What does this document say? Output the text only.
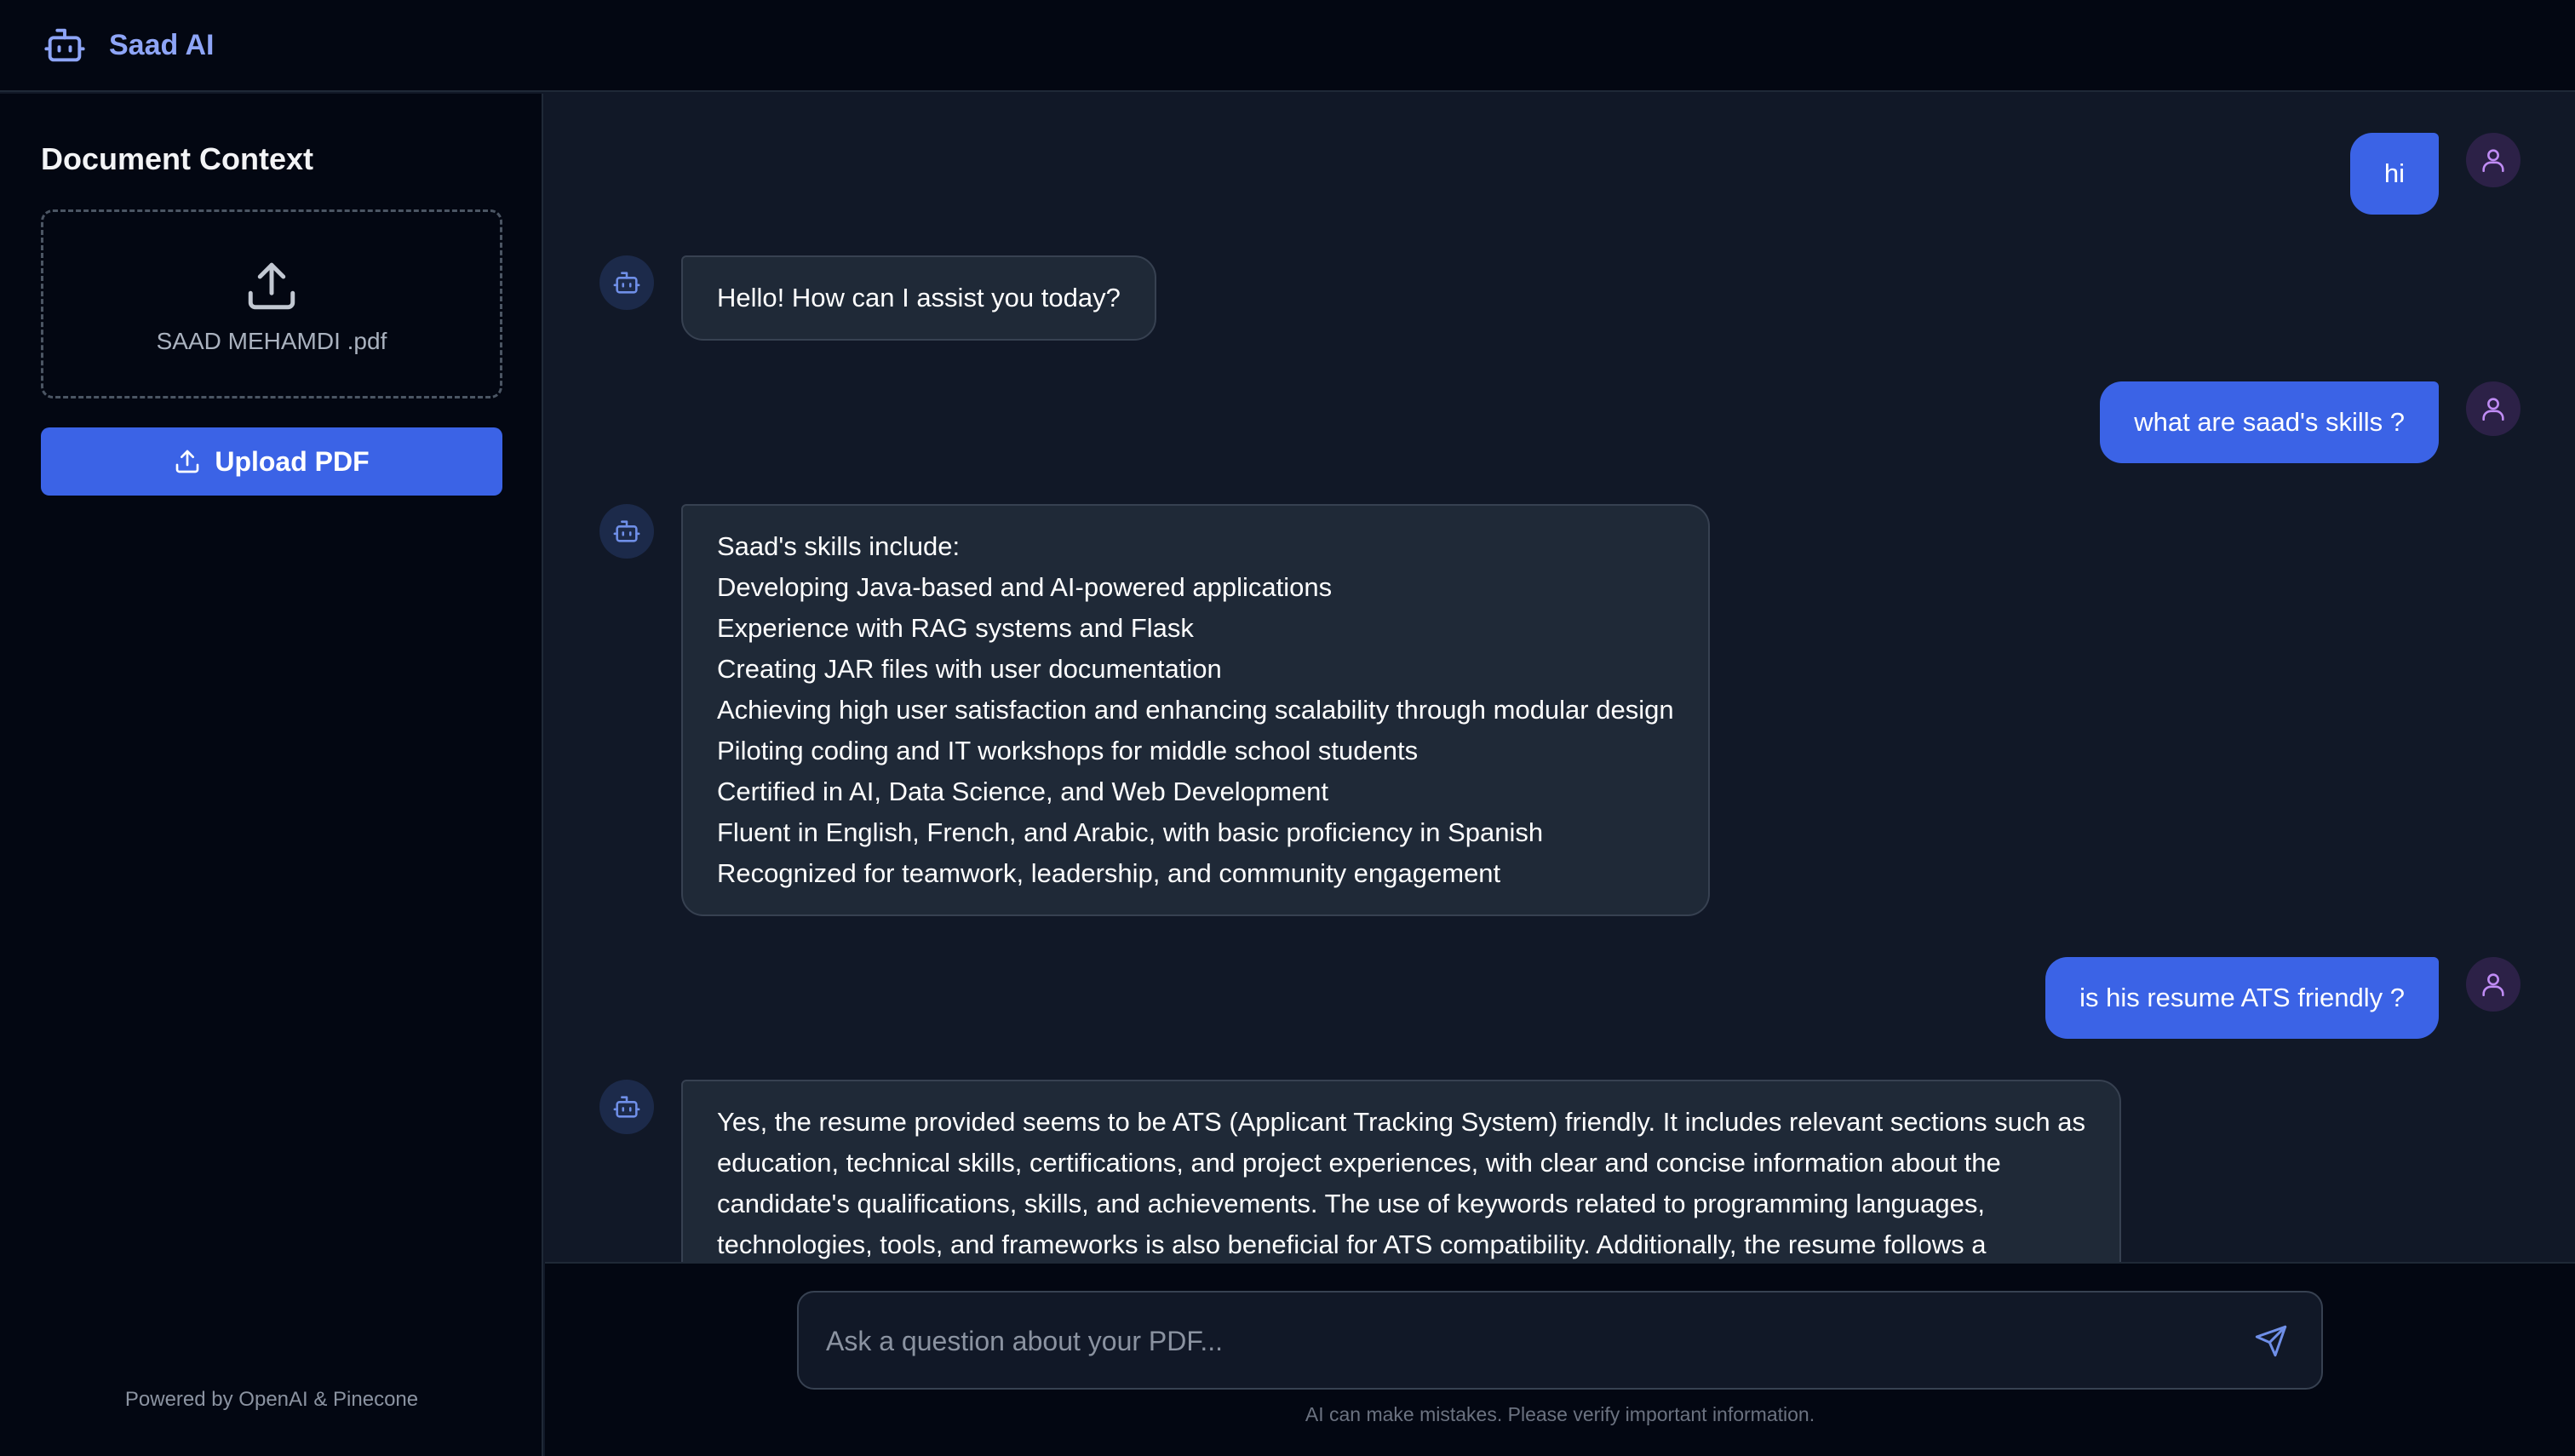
Saad AI
Document Context
SAAD MEHAMDI .pdf
Upload PDF
Powered by OpenAI & Pinecone
hi
Hello! How can I assist you today?
what are saad's skills ?
Saad's skills include:
Developing Java-based and AI-powered applications
Experience with RAG systems and Flask
Creating JAR files with user documentation
Achieving high user satisfaction and enhancing scalability through modular design
Piloting coding and IT workshops for middle school students
Certified in AI, Data Science, and Web Development
Fluent in English, French, and Arabic, with basic proficiency in Spanish
Recognized for teamwork, leadership, and community engagement
is his resume ATS friendly ?
Yes, the resume provided seems to be ATS (Applicant Tracking System) friendly. It includes relevant sections such as
education, technical skills, certifications, and project experiences, with clear and concise information about the
candidate's qualifications, skills, and achievements. The use of keywords related to programming languages,
technologies, tools, and frameworks is also beneficial for ATS compatibility. Additionally, the resume follows a
Ask a question about your PDF...
AI can make mistakes. Please verify important information.
